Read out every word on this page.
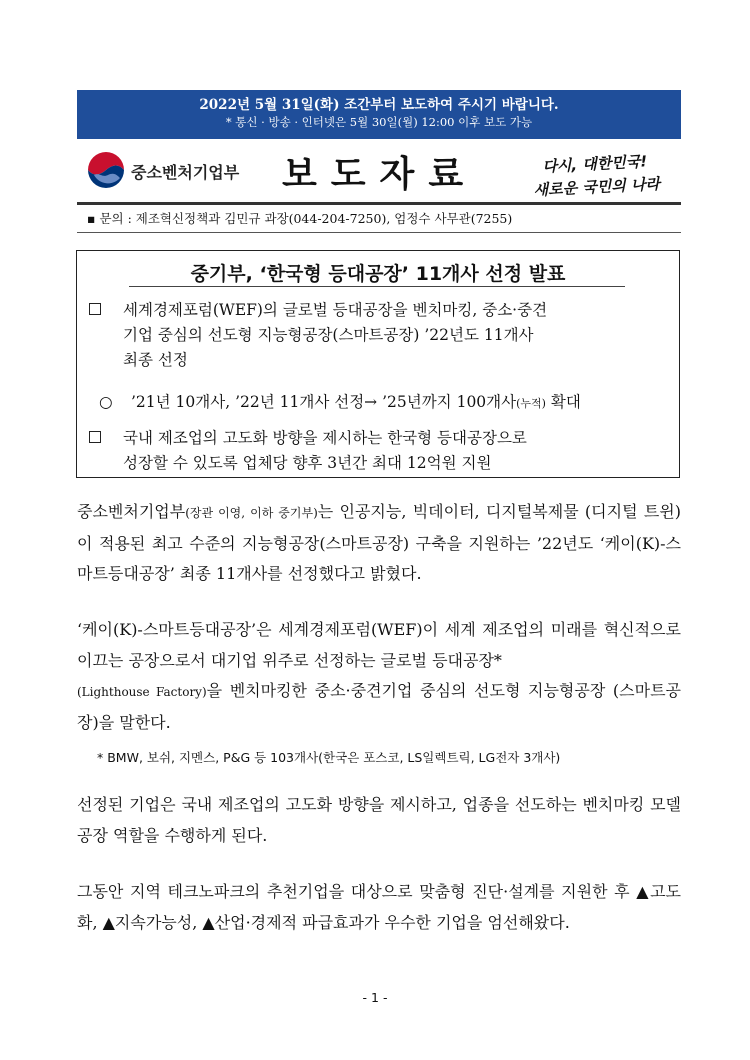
2022년 5월 31일(화) 조간부터 보도하여 주시기 바랍니다.
* 통신 · 방송 · 인터넷은 5월 30일(월) 12:00 이후 보도 가능
중소벤처기업부 보도자료	다시, 대한민국!
새로운 국민의 나라
▪ 문의 : 제조혁신정책과 김민규 과장(044-204-7250), 엄정수 사무관(7255)
중기부, ‘한국형 등대공장’ 11개사 선정 발표
세계경제포럼(WEF)의 글로벌 등대공장을 벤치마킹, 중소·중견
기업 중심의 선도형 지능형공장(스마트공장) ’22년도 11개사
최종 선정
○ ’21년 10개사, ’22년 11개사 선정→ ’25년까지 100개사(누적) 확대
국내 제조업의 고도화 방향을 제시하는 한국형 등대공장으로
성장할 수 있도록 업체당 향후 3년간 최대 12억원 지원
중소벤처기업부(장관 이영, 이하 중기부)는 인공지능, 빅데이터, 디지털복제물 (디지털 트윈)이 적용된 최고 수준의 지능형공장(스마트공장) 구축을 지원하는 ’22년도 ‘케이(K)-스마트등대공장’ 최종 11개사를 선정했다고 밝혔다.
‘케이(K)-스마트등대공장’은 세계경제포럼(WEF)이 세계 제조업의 미래를 혁신적으로 이끄는 공장으로서 대기업 위주로 선정하는 글로벌 등대공장*
(Lighthouse Factory)을 벤치마킹한 중소·중견기업 중심의 선도형 지능형공장 (스마트공장)을 말한다.
* BMW, 보쉬, 지멘스, P&G 등 103개사(한국은 포스코, LS일렉트릭, LG전자 3개사)
선정된 기업은 국내 제조업의 고도화 방향을 제시하고, 업종을 선도하는 벤치마킹 모델공장 역할을 수행하게 된다.
그동안 지역 테크노파크의 추천기업을 대상으로 맞춤형 진단·설계를 지원한 후 ▲고도화, ▲지속가능성, ▲산업·경제적 파급효과가 우수한 기업을 엄선해왔다.
- 1 -
